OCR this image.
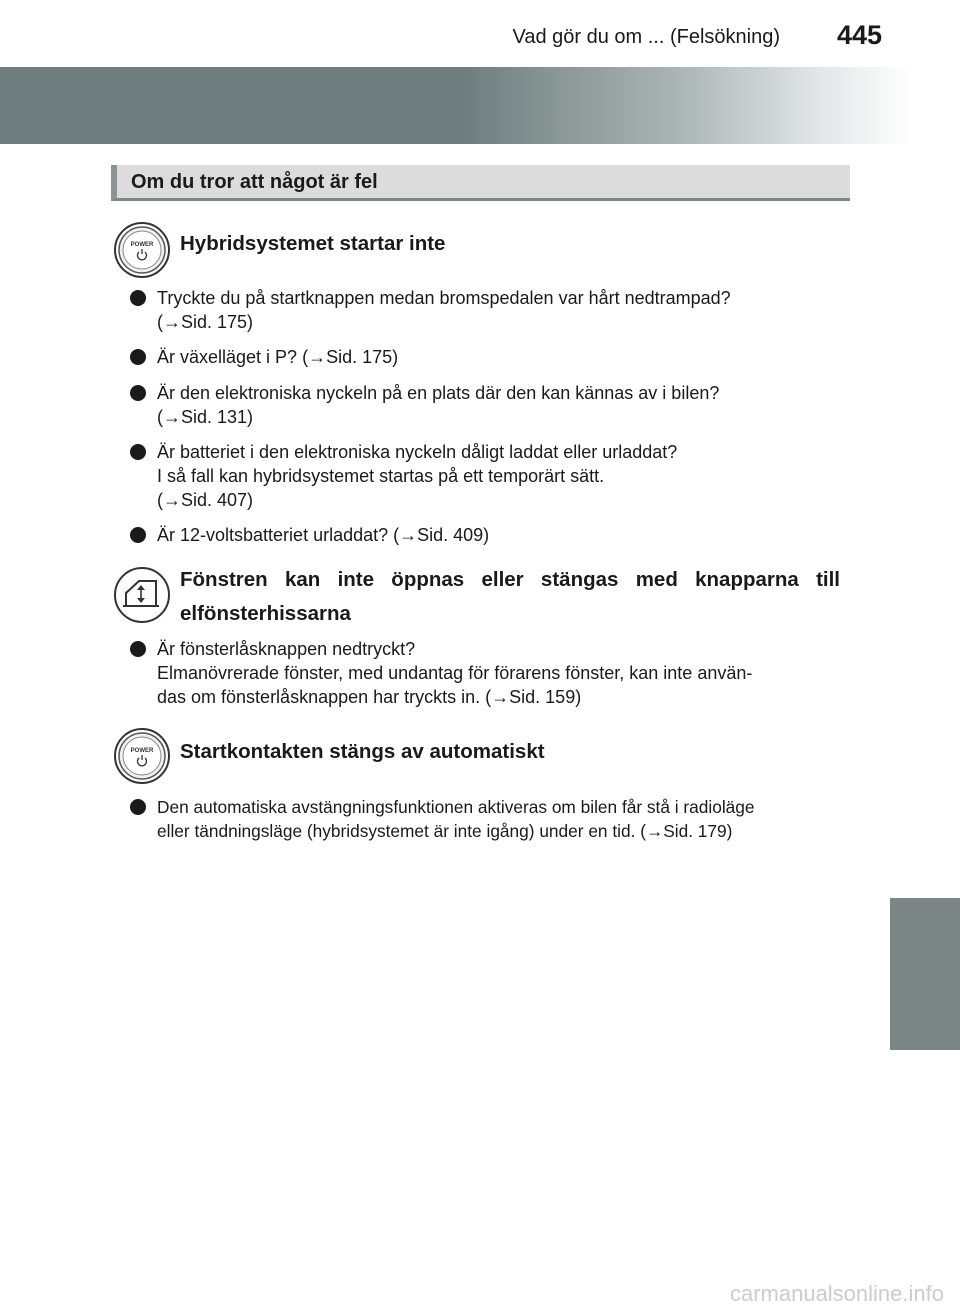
Vad gör du om ... (Felsökning) 445
Om du tror att något är fel
POWER Hybridsystemet startar inte
Tryckte du på startknappen medan bromspedalen var hårt nedtrampad?
(→Sid. 175)
Är växelläget i P? (→Sid. 175)
Är den elektroniska nyckeln på en plats där den kan kännas av i bilen?
(→Sid. 131)
Är batteriet i den elektroniska nyckeln dåligt laddat eller urladdat?
I så fall kan hybridsystemet startas på ett temporärt sätt.
(→Sid. 407)
Är 12-voltsbatteriet urladdat? (→Sid. 409)
Fönstren kan inte öppnas eller stängas med knapparna till elfönsterhissarna
Är fönsterlåsknappen nedtryckt?
Elmanövrerade fönster, med undantag för förarens fönster, kan inte använ-
das om fönsterlåsknappen har tryckts in. (→Sid. 159)
POWER Startkontakten stängs av automatiskt
Den automatiska avstängningsfunktionen aktiveras om bilen får stå i radioläge
eller tändningsläge (hybridsystemet är inte igång) under en tid. (→Sid. 179)
carmanualsonline.info
